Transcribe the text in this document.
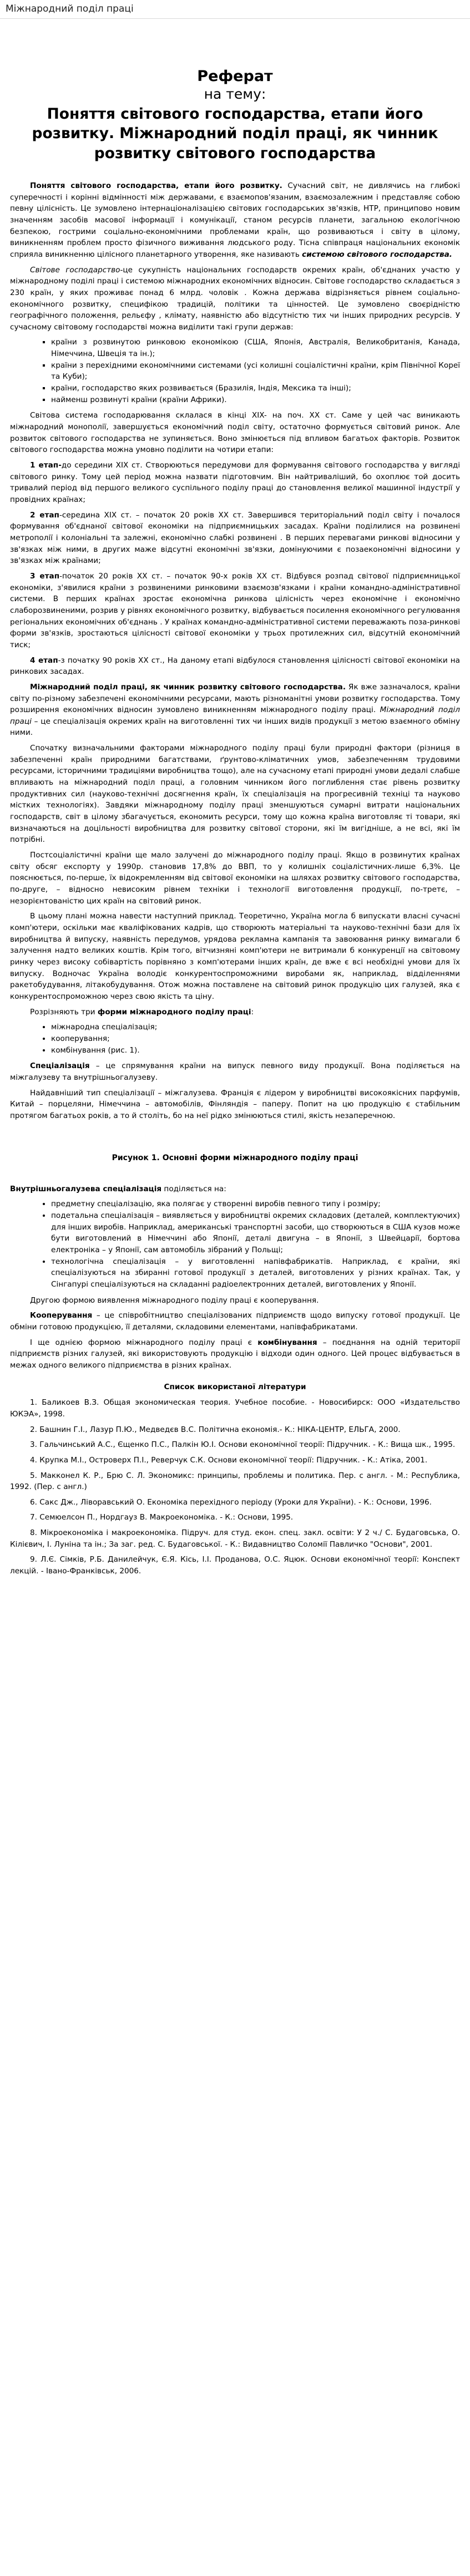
Міжнародний поділ праці
Реферат
на тему:
Поняття світового господарства, етапи його розвитку. Міжнародний поділ праці, як чинник розвитку світового господарства

Поняття світового господарства, етапи його розвитку. Сучасний світ, не дивлячись на глибокі суперечності і корінні відмінності між державами, є взаємопов'язаним, взаємозалежним і представляє собою певну цілісність. Це зумовлено інтернаціоналізацією світових господарських зв'язків, НТР, принципово новим значенням засобів масової інформації і комунікації, станом ресурсів планети, загальною екологічною безпекою, гострими соціально-економічними проблемами країн, що розвиваються і світу в цілому, виникненням проблем просто фізичного виживання людського роду. Тісна співпраця національних економік сприяла виникненню цілісного планетарного утворення, яке називають системою світового господарства.

Світове господарство-це сукупність національних господарств окремих країн, об'єднаних участю у міжнародному поділі праці і системою міжнародних економічних відносин. Світове господарство складається з 230 країн, у яких проживає понад 6 млрд. чоловік . Кожна держава відрізняється рівнем соціально-економічного розвитку, специфікою традицій, політики та цінностей. Це зумовлено своєрідністю географічного положення, рельєфу , клімату, наявністю або відсутністю тих чи інших природних ресурсів. У сучасному світовому господарстві можна виділити такі групи держав:

▪ країни з розвинутою ринковою економікою (США, Японія, Австралія, Великобританія, Канада, Німеччина, Швеція та ін.);
▪ країни з перехідними економічними системами (усі колишні соціалістичні країни, крім Північної Кореї та Куби);
▪ країни, господарство яких розвивається (Бразилія, Індія, Мексика та інші);
▪ найменш розвинуті країни (країни Африки).

Світова система господарювання склалася в кінці XIX- на поч. XX ст. Саме у цей час виникають міжнародний монополії, завершується економічний поділ світу, остаточно формується світовий ринок. Але розвиток світового господарства не зупиняється. Воно змінюється під впливом багатьох факторів. Розвиток світового господарства можна умовно поділити на чотири етапи:

1 етап-до середини XIX ст. Створюються передумови для формування світового господарства у вигляді світового ринку. Тому цей період можна назвати підготовчим. Він найтриваліший, бо охоплює той досить тривалий період від першого великого суспільного поділу праці до становлення великої машинної індустрії у провідних країнах;

2 етап-середина XIX ст. – початок 20 років XX ст. Завершився територіальний поділ світу і почалося формування об'єднаної світової економіки на підприємницьких засадах. Країни поділилися на розвинені метрополії і колоніальні та залежні, економічно слабкі розвинені . В перших перевагами ринкові відносини у зв'язках між ними, в других маже відсутні економічні зв'язки, домінуючими є позаекономічні відносини у зв'язках між країнами;

3 етап-початок 20 років XX ст. – початок 90-х років XX ст. Відбувся розпад світової підприємницької економіки, з'явилися країни з розвиненими ринковими взаємозв'язками і країни командно-адміністративної системи. В перших країнах зростає економічна ринкова цілісність через економічне і економічно слаборозвиненими, розрив у рівнях економічного розвитку, відбувається посилення економічного регулювання регіональних економічних об'єднань . У країнах командно-адміністративної системи переважають поза-ринкові форми зв'язків, зростаються цілісності світової економіки у трьох протилежних сил, відсутній економічний тиск;

4 етап-з початку 90 років XX ст., На даному етапі відбулося становлення цілісності світової економіки на ринкових засадах.

Міжнародний поділ праці, як чинник розвитку світового господарства. Як вже зазначалося, країни світу по-різному забезпечені економічними ресурсами, мають різноманітні умови розвитку господарства. Тому розширення економічних відносин зумовлено виникненням міжнародного поділу праці. Міжнародний поділ праці – це спеціалізація окремих країн на виготовленні тих чи інших видів продукції з метою взаємного обміну ними.

Спочатку визначальними факторами міжнародного поділу праці були природні фактори (різниця в забезпеченні країн природними багатствами, ґрунтово-кліматичних умов, забезпеченням трудовими ресурсами, історичними традиціями виробництва тощо), але на сучасному етапі природні умови дедалі слабше впливають на міжнародний поділ праці, а головним чинником його поглиблення стає рівень розвитку продуктивних сил (науково-технічні досягнення країн, їх спеціалізація на прогресивній техніці та науково містких технологіях). Завдяки міжнародному поділу праці зменшуються сумарні витрати національних господарств, світ в цілому збагачується, економить ресурси, тому що кожна країна виготовляє ті товари, які визначаються на доцільності виробництва для розвитку світової сторони, які їм вигідніше, а не всі, які їм потрібні.

Постсоціалістичні країни ще мало залучені до міжнародного поділу праці. Якщо в розвинутих країнах світу обсяг експорту у 1990р. становив 17,8% до ВВП, то у колишніх соціалістичних-лише 6,3%. Це пояснюється, по-перше, їх відокремленням від світової економіки на шляхах розвитку світового господарства, по-друге, – відносно невисоким рівнем техніки і технології виготовлення продукції, по-третє, – незорієнтованістю цих країн на світовий ринок.

В цьому плані можна навести наступний приклад. Теоретично, Україна могла б випускати власні сучасні комп'ютери, оскільки має кваліфікованих кадрів, що створюють матеріальні та науково-технічні бази для їх виробництва й випуску, наявність передумов, урядова рекламна кампанія та завоювання ринку вимагали б залучення надто великих коштів. Крім того, вітчизняні комп'ютери не витримали б конкуренції на світовому ринку через високу собівартість порівняно з комп'ютерами інших країн, де вже є всі необхідні умови для їх випуску. Водночас Україна володіє конкурентоспроможними виробами як, наприклад, відділеннями ракетобудування, літакобудування. Отож можна поставлене на світовий ринок продукцію цих галузей, яка є конкурентоспроможною через свою якість та ціну.

Розрізняють три форми міжнародного поділу праці:

• міжнародна спеціалізація;
• кооперування;
• комбінування (рис. 1).

Спеціалізація – це спрямування країни на випуск певного виду продукції. Вона поділяється на міжгалузеву та внутрішньогалузеву.

Найдавніший тип спеціалізації – міжгалузева. Франція є лідером у виробництві високоякісних парфумів, Китай – порцеляни, Німеччина – автомобілів, Фінляндія – паперу. Попит на цю продукцію є стабільним протягом багатьох років, а то й століть, бо на неї рідко змінюються стилі, якість незаперечною.

Рисунок 1. Основні форми міжнародного поділу праці

Внутрішньогалузева спеціалізація поділяється на:

• предметну спеціалізацію, яка полягає у створенні виробів певного типу і розміру;
• подетальна спеціалізація – виявляється у виробництві окремих складових (деталей, комплектуючих) для інших виробів. Наприклад, американські транспортні засоби, що створюються в США кузов може бути виготовлений в Німеччині або Японії, деталі двигуна – в Японії, з Швейцарії, бортова електроніка – у Японії, сам автомобіль зібраний у Польщі;
• технологічна спеціалізація – у виготовленні напівфабрикатів. Наприклад, є країни, які спеціалізуються на збиранні готової продукції з деталей, виготовлених у різних країнах. Так, у Сінгапурі спеціалізуються на складанні радіоелектронних деталей, виготовлених у Японії.

Другою формою виявлення міжнародного поділу праці є кооперування.

Кооперування – це співробітництво спеціалізованих підприємств щодо випуску готової продукції. Це обміни готовою продукцією, її деталями, складовими елементами, напівфабрикатами.

І ще однією формою міжнародного поділу праці є комбінування – поєднання на одній території підприємств різних галузей, які використовують продукцію і відходи один одного. Цей процес відбувається в межах одного великого підприємства в різних країнах.

Список використаної літератури
1. Баликоев В.З. Общая экономическая теория. Учебное пособие. - Новосибирск: ООО «Издательство ЮКЭА», 1998.
2. Башнин Г.І., Лазур П.Ю., Медведєв В.С. Політична економія.- К.: НІКА-ЦЕНТР, ЕЛЬГА, 2000.
3. Гальчинський А.С., Єщенко П.С., Палкін Ю.І. Основи економічної теорії: Підручник. - К.: Вища шк., 1995.
4. Крупка М.І., Островерх П.І., Реверчук С.К. Основи економічної теорії: Підручник. - К.: Атіка, 2001.
5. Макконел К. Р., Брю С. Л. Экономикс: принципы, проблемы и политика. Пер. с англ. - М.: Республика, 1992. (Пер. с англ.)
6. Сакс Дж., Ліворавський О. Економіка перехідного періоду (Уроки для України). - К.: Основи, 1996.
7. Семюелсон П., Нордгауз В. Макроекономіка. - К.: Основи, 1995.
8. Мікроекономіка і макроекономіка. Підруч. для студ. екон. спец. закл. освіти: У 2 ч./ С. Будаговська, О. Кілієвич, І. Луніна та ін.; За заг. ред. С. Будаговської. - К.: Видавництво Соломії Павличко "Основи", 2001.
9. Л.Є. Сімків, Р.Б. Данилейчук, Є.Я. Кісь, І.І. Проданова, О.С. Яцюк. Основи економічної теорії: Конспект лекцій. - Івано-Франківськ, 2006.
